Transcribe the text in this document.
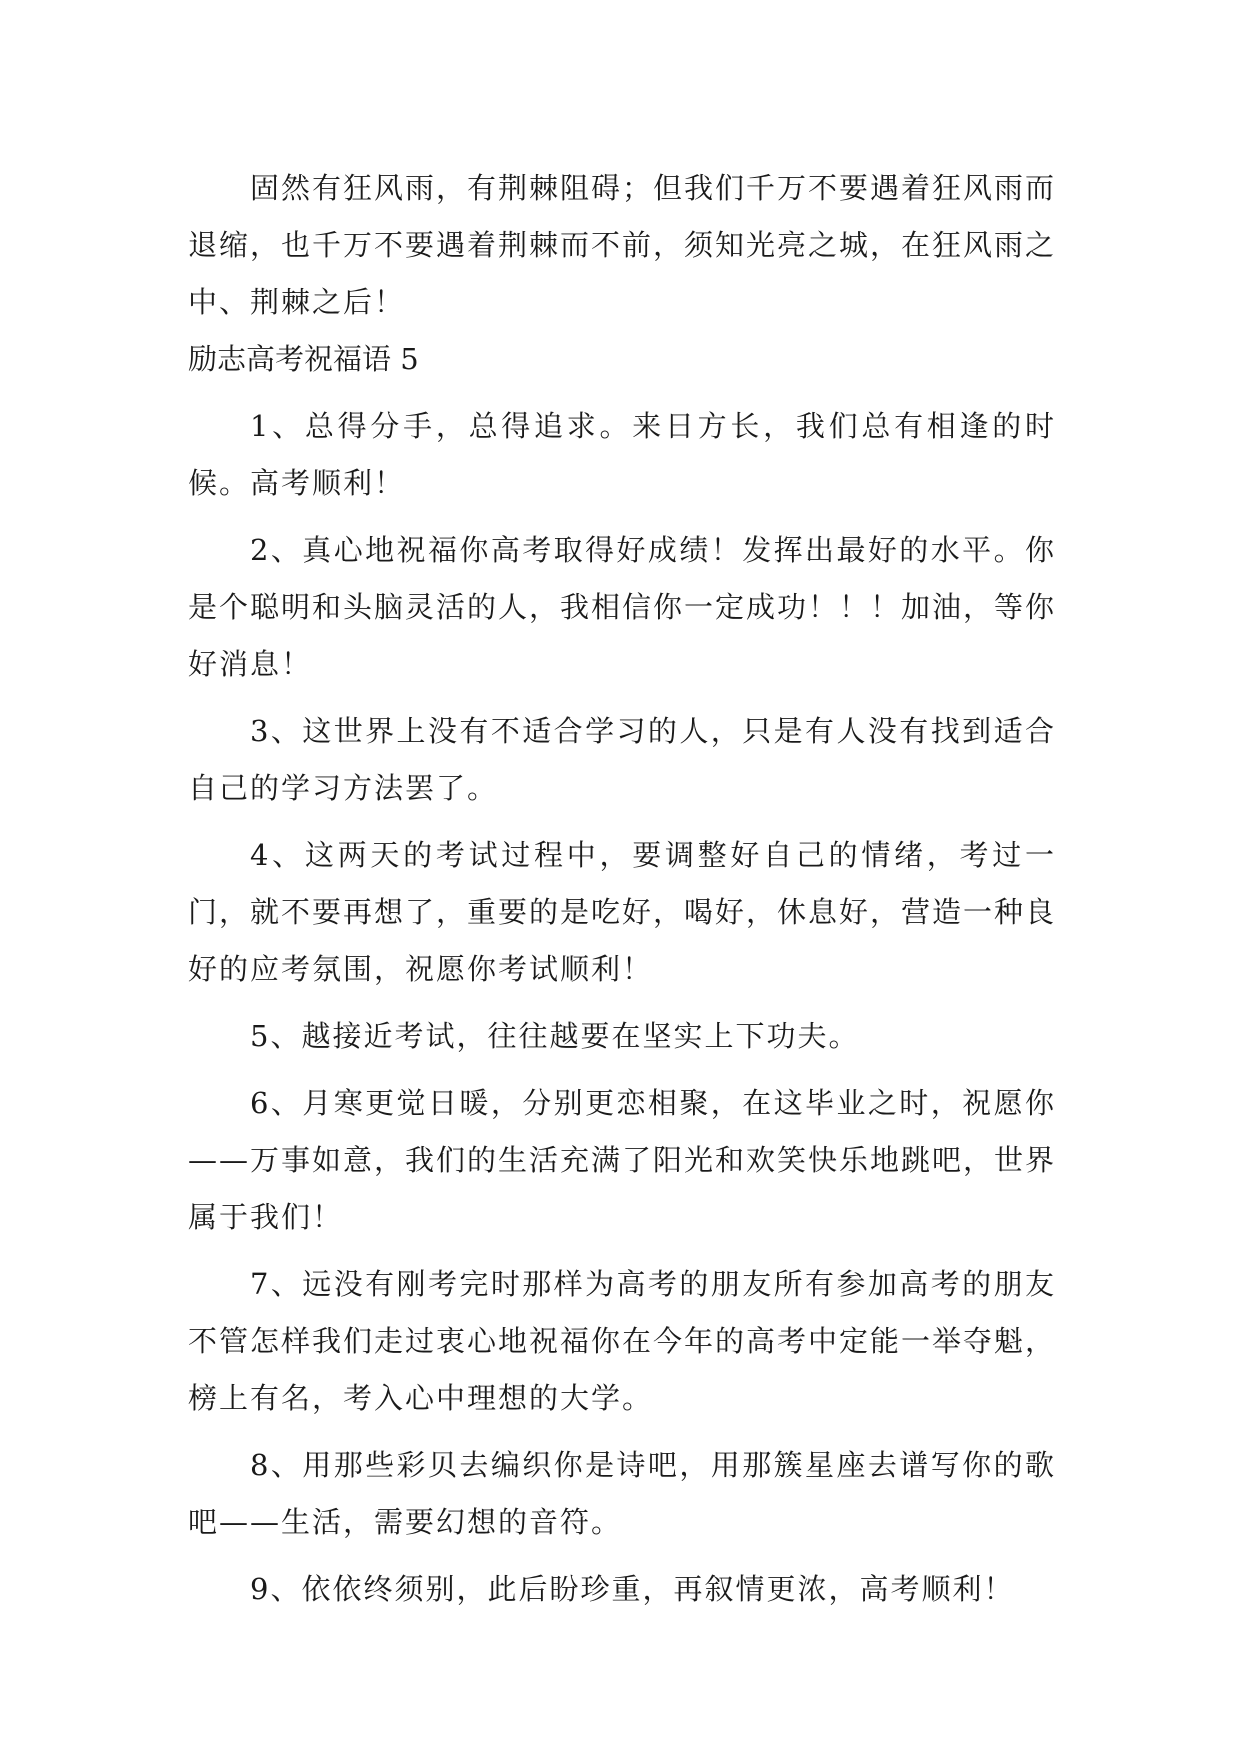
固然有狂风雨，有荆棘阻碍；但我们千万不要遇着狂风雨而退缩，也千万不要遇着荆棘而不前，须知光亮之城，在狂风雨之中、荆棘之后！

励志高考祝福语 5

1、总得分手，总得追求。来日方长，我们总有相逢的时候。高考顺利！

2、真心地祝福你高考取得好成绩！发挥出最好的水平。你是个聪明和头脑灵活的人，我相信你一定成功！！！加油，等你好消息！

3、这世界上没有不适合学习的人，只是有人没有找到适合自己的学习方法罢了。

4、这两天的考试过程中，要调整好自己的情绪，考过一门，就不要再想了，重要的是吃好，喝好，休息好，营造一种良好的应考氛围，祝愿你考试顺利！

5、越接近考试，往往越要在坚实上下功夫。

6、月寒更觉日暖，分别更恋相聚，在这毕业之时，祝愿你——万事如意，我们的生活充满了阳光和欢笑快乐地跳吧，世界属于我们！

7、远没有刚考完时那样为高考的朋友所有参加高考的朋友不管怎样我们走过衷心地祝福你在今年的高考中定能一举夺魁，榜上有名，考入心中理想的大学。

8、用那些彩贝去编织你是诗吧，用那簇星座去谱写你的歌吧——生活，需要幻想的音符。

9、依依终须别，此后盼珍重，再叙情更浓，高考顺利！
